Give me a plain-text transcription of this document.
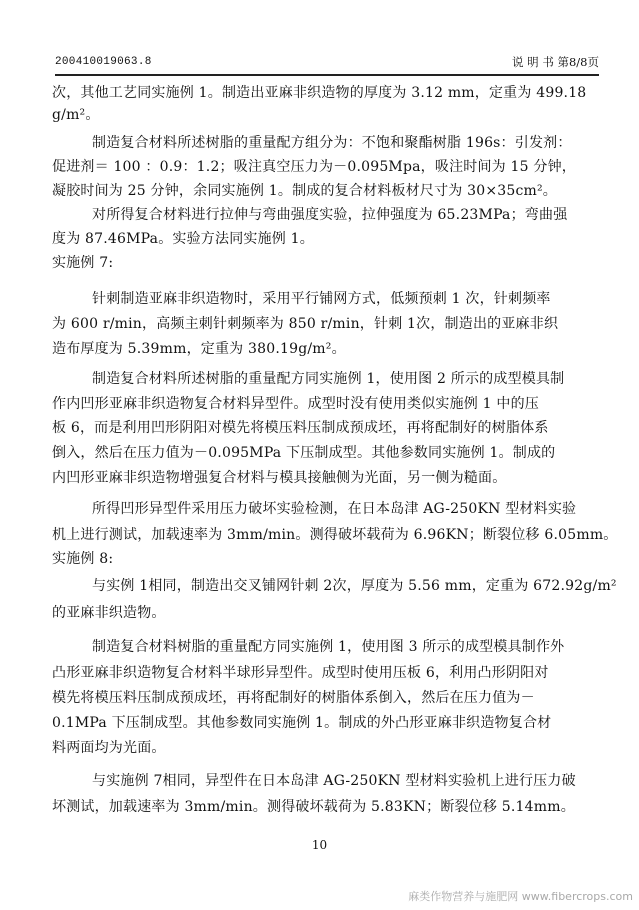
200410019063.8	说 明 书 第8/8页
次，其他工艺同实施例 1。制造出亚麻非织造物的厚度为 3.12 mm，定重为 499.18
g/m²。
制造复合材料所述树脂的重量配方组分为：不饱和聚酯树脂 196s：引发剂：
促进剂＝ 100 ：0.9：1.2；吸注真空压力为－0.095Mpa，吸注时间为 15 分钟，
凝胶时间为 25 分钟，余同实施例 1。制成的复合材料板材尺寸为 30×35cm²。
对所得复合材料进行拉伸与弯曲强度实验，拉伸强度为 65.23MPa；弯曲强
度为 87.46MPa。实验方法同实施例 1。
实施例 7:
针刺制造亚麻非织造物时，采用平行铺网方式，低频预刺 1 次，针刺频率
为 600 r/min，高频主刺针刺频率为 850 r/min，针刺 1次，制造出的亚麻非织
造布厚度为 5.39mm，定重为 380.19g/m²。
制造复合材料所述树脂的重量配方同实施例 1，使用图 2 所示的成型模具制
作内凹形亚麻非织造物复合材料异型件。成型时没有使用类似实施例 1 中的压
板 6，而是利用凹形阴阳对模先将模压料压制成预成坯，再将配制好的树脂体系
倒入，然后在压力值为－0.095MPa 下压制成型。其他参数同实施例 1。制成的
内凹形亚麻非织造物增强复合材料与模具接触侧为光面，另一侧为糙面。
所得凹形异型件采用压力破坏实验检测，在日本岛津 AG-250KN 型材料实验
机上进行测试，加载速率为 3mm/min。测得破坏载荷为 6.96KN；断裂位移 6.05mm。
实施例 8:
与实例 1相同，制造出交叉铺网针刺 2次，厚度为 5.56 mm，定重为 672.92g/m²
的亚麻非织造物。
制造复合材料树脂的重量配方同实施例 1，使用图 3 所示的成型模具制作外
凸形亚麻非织造物复合材料半球形异型件。成型时使用压板 6，利用凸形阴阳对
模先将模压料压制成预成坯，再将配制好的树脂体系倒入，然后在压力值为－
0.1MPa 下压制成型。其他参数同实施例 1。制成的外凸形亚麻非织造物复合材
料两面均为光面。
与实施例 7相同，异型件在日本岛津 AG-250KN 型材料实验机上进行压力破
坏测试，加载速率为 3mm/min。测得破坏载荷为 5.83KN；断裂位移 5.14mm。
10
麻类作物营养与施肥网 www.fibercrops.com
